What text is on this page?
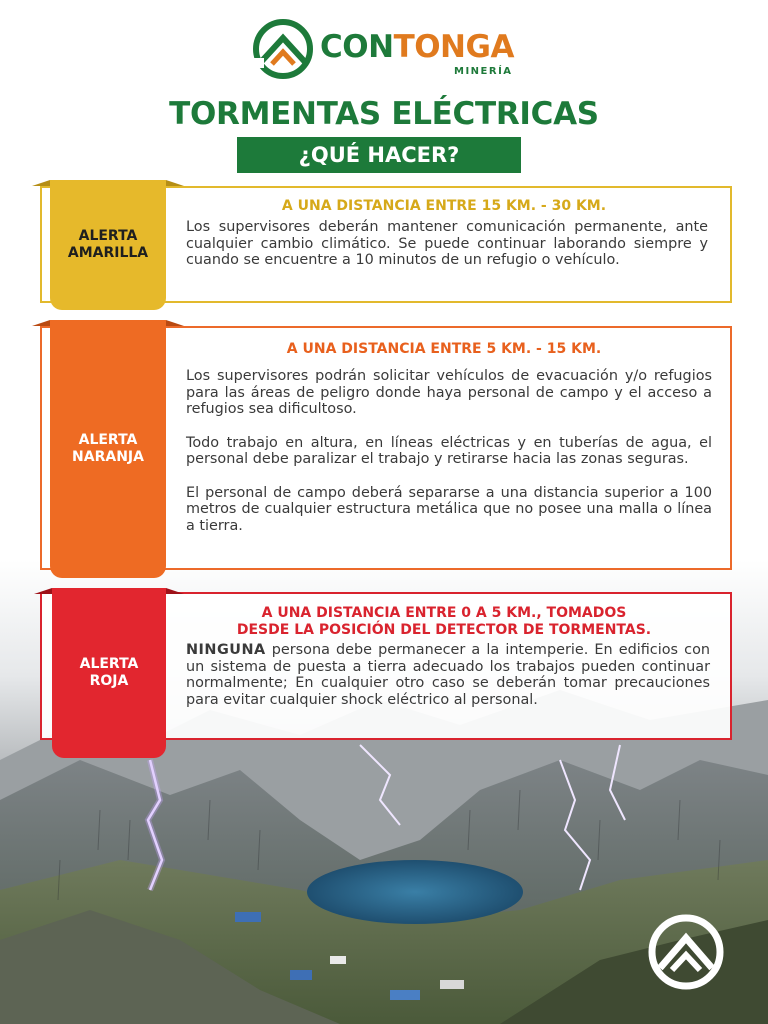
CONTONGA
MINERÍA
TORMENTAS ELÉCTRICAS
¿QUÉ HACER?
ALERTA
AMARILLA
A UNA DISTANCIA ENTRE 15 KM. - 30 KM.

Los supervisores deberán mantener comunicación permanente, ante cualquier cambio climático. Se puede continuar laborando siempre y cuando se encuentre a 10 minutos de un refugio o vehículo.

ALERTA
NARANJA
A UNA DISTANCIA ENTRE 5 KM. - 15 KM.

Los supervisores podrán solicitar vehículos de evacuación y/o refugios para las áreas de peligro donde haya personal de campo y el acceso a refugios sea dificultoso.

Todo trabajo en altura, en líneas eléctricas y en tuberías de agua, el personal debe paralizar el trabajo y retirarse hacia las zonas seguras.

El personal de campo deberá separarse a una distancia superior a 100 metros de cualquier estructura metálica que no posee una malla o línea a tierra.

ALERTA
ROJA
A UNA DISTANCIA ENTRE 0 A 5 KM., TOMADOS
DESDE LA POSICIÓN DEL DETECTOR DE TORMENTAS.

NINGUNA persona debe permanecer a la intemperie. En edificios con un sistema de puesta a tierra adecuado los trabajos pueden continuar normalmente; En cualquier otro caso se deberán tomar precauciones para evitar cualquier shock eléctrico al personal.
